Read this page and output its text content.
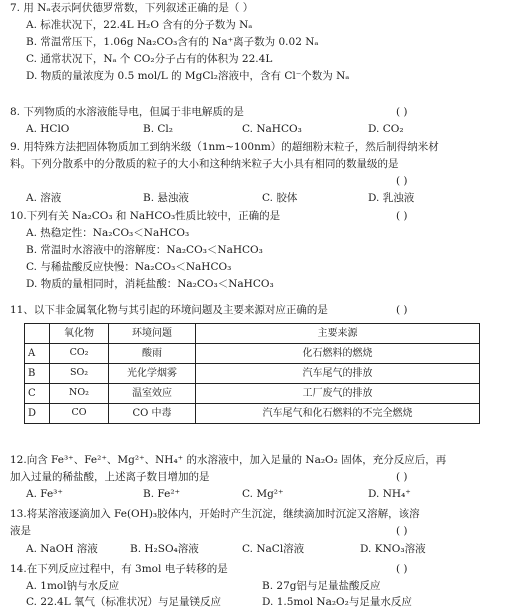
7. 用 Nₐ表示阿伏德罗常数，下列叙述正确的是（ ）
A. 标准状况下，22.4L H₂O 含有的分子数为 Nₐ
B. 常温常压下，1.06g Na₂CO₃含有的 Na⁺离子数为 0.02 Nₐ
C. 通常状况下，Nₐ 个 CO₂分子占有的体积为 22.4L
D. 物质的量浓度为 0.5 mol/L 的 MgCl₂溶液中，含有 Cl⁻个数为 Nₐ
8. 下列物质的水溶液能导电，但属于非电解质的是	( )
A. HClO	B. Cl₂	C. NaHCO₃	D. CO₂
9. 用特殊方法把固体物质加工到纳米级（1nm~100nm）的超细粉末粒子，然后制得纳米材
料。下列分散系中的分散质的粒子的大小和这种纳米粒子大小具有相同的数量级的是
( )
A. 溶液	B. 悬浊液	C. 胶体	D. 乳浊液
10.下列有关 Na₂CO₃ 和 NaHCO₃性质比较中，正确的是	( )
A. 热稳定性：Na₂CO₃＜NaHCO₃
B. 常温时水溶液中的溶解度：Na₂CO₃＜NaHCO₃
C. 与稀盐酸反应快慢：Na₂CO₃＜NaHCO₃
D. 物质的量相同时，消耗盐酸：Na₂CO₃＜NaHCO₃
11、以下非金属氧化物与其引起的环境问题及主要来源对应正确的是	( )
	氧化物	环境问题	主要来源
A	CO₂	酸雨	化石燃料的燃烧
B	SO₂	光化学烟雾	汽车尾气的排放
C	NO₂	温室效应	工厂废气的排放
D	CO	CO 中毒	汽车尾气和化石燃料的不完全燃烧
12.向含 Fe³⁺、Fe²⁺、Mg²⁺、NH₄⁺ 的水溶液中，加入足量的 Na₂O₂ 固体，充分反应后，再
加入过量的稀盐酸，上述离子数目增加的是	( )
A. Fe³⁺	B. Fe²⁺	C. Mg²⁺	D. NH₄⁺
13.将某溶液逐滴加入 Fe(OH)₃胶体内，开始时产生沉淀，继续滴加时沉淀又溶解，该溶
液是	( )
A. NaOH 溶液	B. H₂SO₄溶液	C. NaCl溶液	D. KNO₃溶液
14.在下列反应过程中，有 3mol 电子转移的是	( )
A. 1mol钠与水反应	B. 27g铝与足量盐酸反应
C. 22.4L 氧气（标准状况）与足量镁反应	D. 1.5mol Na₂O₂与足量水反应
